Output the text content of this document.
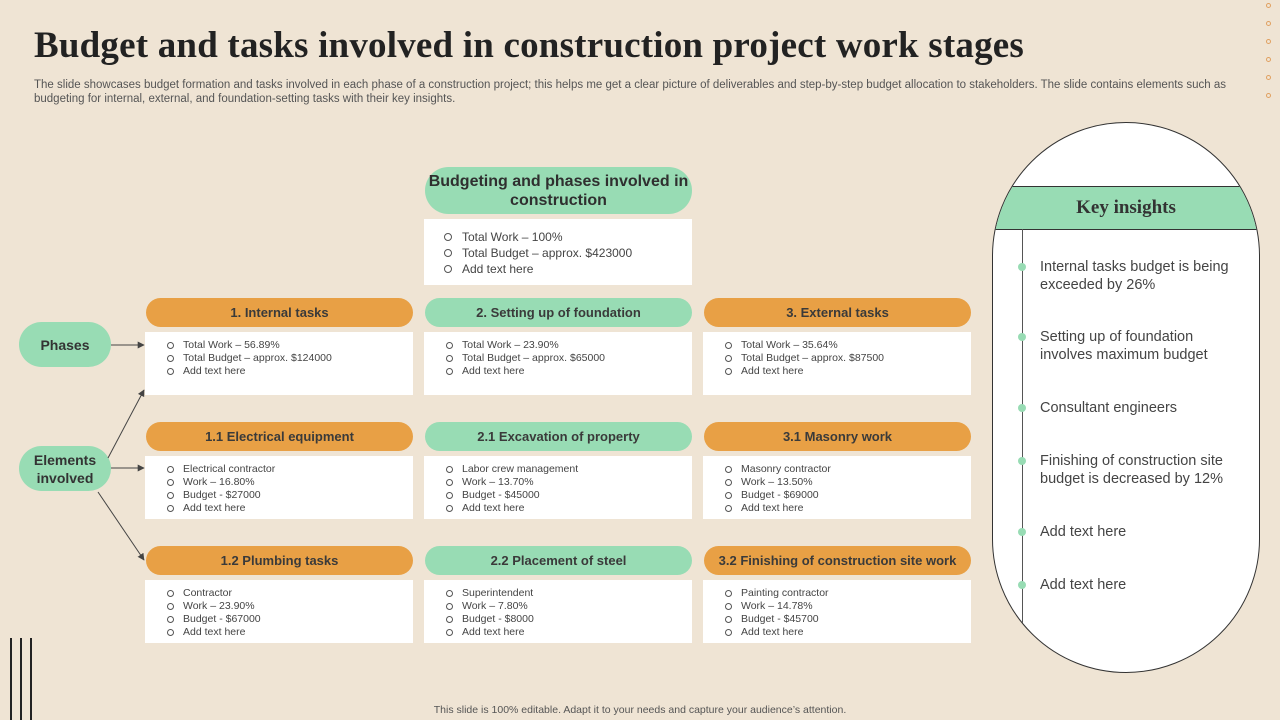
Budget and tasks involved in construction project work stages

The slide showcases budget formation and tasks involved in each phase of a construction project; this helps me get a clear picture of deliverables and step-by-step budget allocation to stakeholders. The slide contains elements such as budgeting for internal, external, and foundation-setting tasks with their key insights.

Budgeting and phases involved in construction
Total Work – 100%
Total Budget – approx. $423000
Add text here
Phases
Elements involved
1. Internal tasks
Total Work – 56.89%
Total Budget – approx. $124000
Add text here
2. Setting up of foundation
Total Work – 23.90%
Total Budget – approx. $65000
Add text here
3. External tasks
Total Work – 35.64%
Total Budget – approx. $87500
Add text here
1.1 Electrical equipment
Electrical contractor
Work – 16.80%
Budget - $27000
Add text here
2.1 Excavation of property
Labor crew management
Work – 13.70%
Budget - $45000
Add text here
3.1 Masonry work
Masonry contractor
Work – 13.50%
Budget - $69000
Add text here
1.2 Plumbing tasks
Contractor
Work – 23.90%
Budget - $67000
Add text here
2.2 Placement of steel
Superintendent
Work – 7.80%
Budget - $8000
Add text here
3.2 Finishing of construction site work
Painting contractor
Work – 14.78%
Budget - $45700
Add text here
Key insights
Internal tasks budget is being exceeded by 26%
Setting up of foundation involves maximum budget
Consultant engineers
Finishing of construction site budget is decreased by 12%
Add text here
Add text here
This slide is 100% editable. Adapt it to your needs and capture your audience’s attention.
